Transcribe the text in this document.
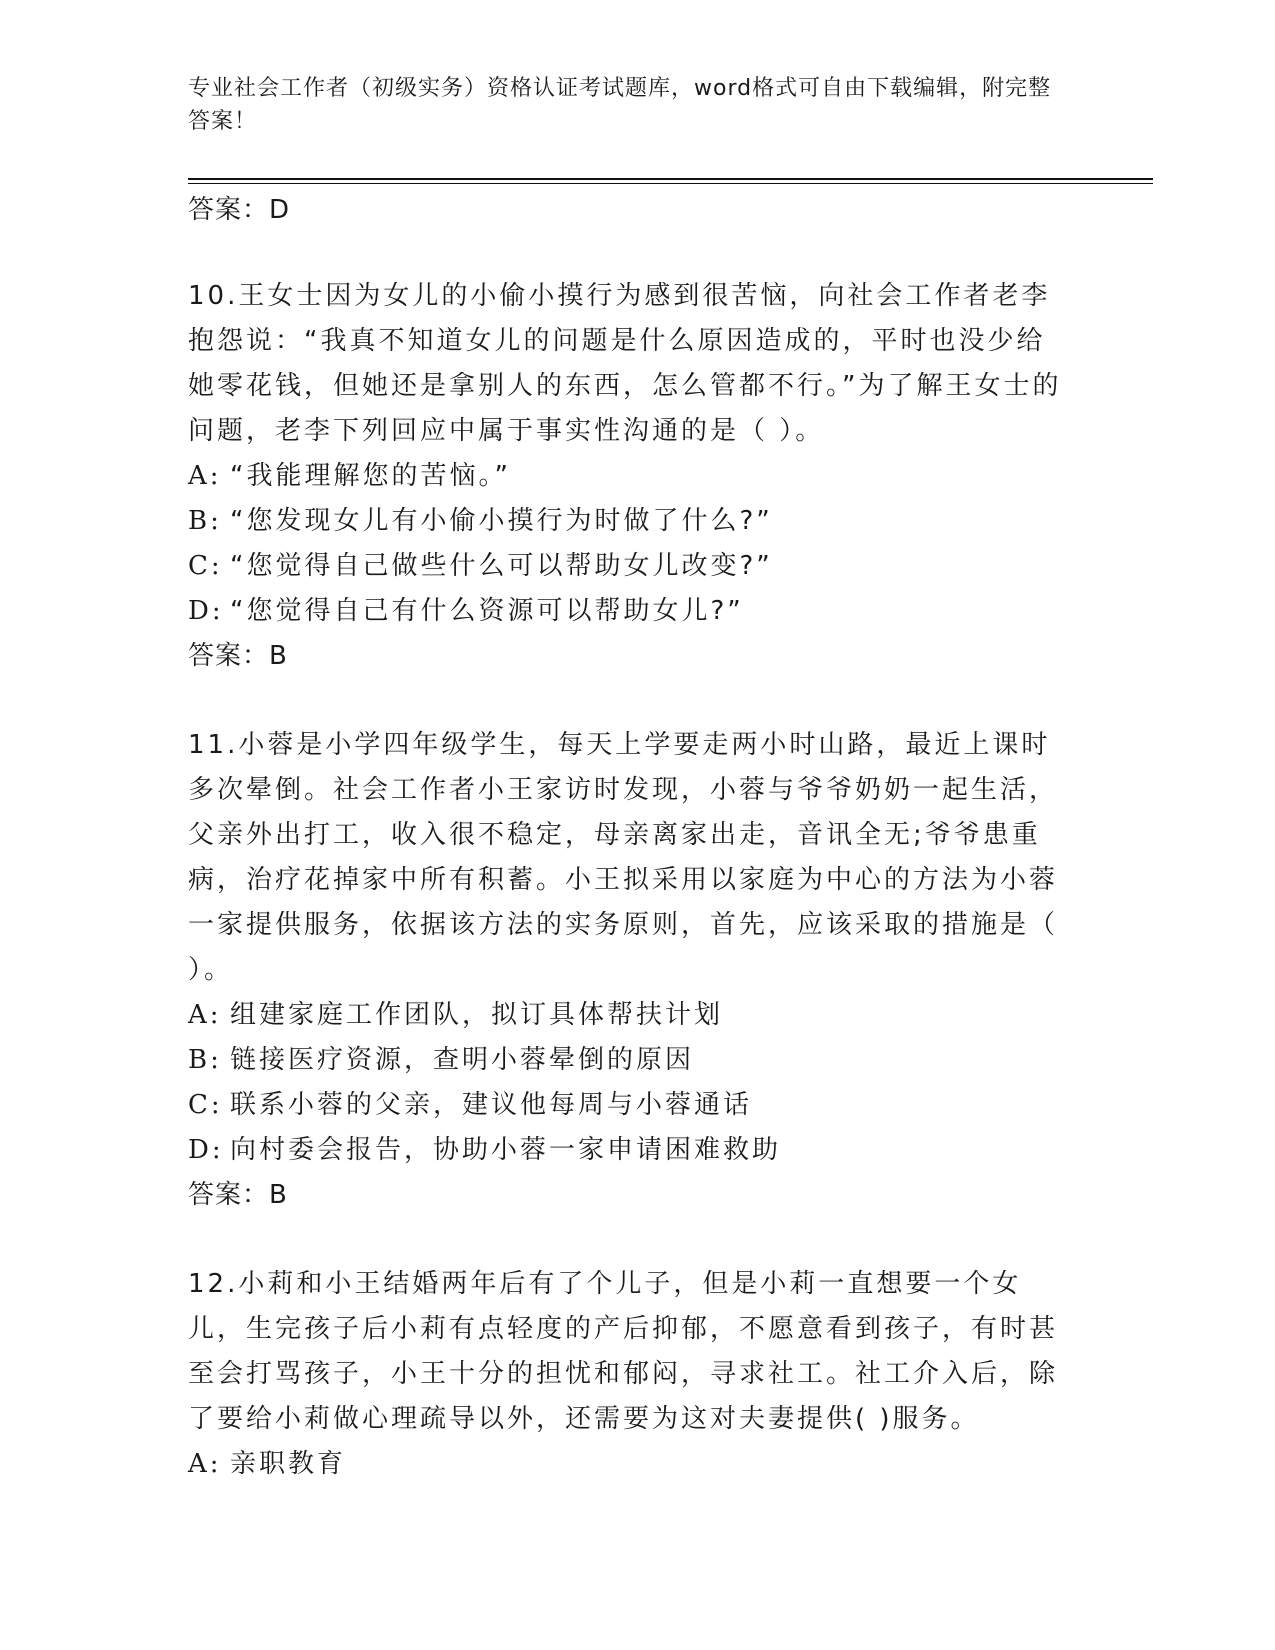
专业社会工作者（初级实务）资格认证考试题库，word格式可自由下载编辑，附完整答案！

答案：D

10.王女士因为女儿的小偷小摸行为感到很苦恼，向社会工作者老李抱怨说：“我真不知道女儿的问题是什么原因造成的，平时也没少给她零花钱，但她还是拿别人的东西，怎么管都不行。”为了解王女士的问题，老李下列回应中属于事实性沟通的是（ ）。

A: “我能理解您的苦恼。”
B: “您发现女儿有小偷小摸行为时做了什么?”
C: “您觉得自己做些什么可以帮助女儿改变?”
D: “您觉得自己有什么资源可以帮助女儿?”

答案：B

11.小蓉是小学四年级学生，每天上学要走两小时山路，最近上课时多次晕倒。社会工作者小王家访时发现，小蓉与爷爷奶奶一起生活，父亲外出打工，收入很不稳定，母亲离家出走，音讯全无;爷爷患重病，治疗花掉家中所有积蓄。小王拟采用以家庭为中心的方法为小蓉一家提供服务，依据该方法的实务原则，首先，应该采取的措施是（ ）。

A: 组建家庭工作团队，拟订具体帮扶计划
B: 链接医疗资源，查明小蓉晕倒的原因
C: 联系小蓉的父亲，建议他每周与小蓉通话
D: 向村委会报告，协助小蓉一家申请困难救助

答案：B

12.小莉和小王结婚两年后有了个儿子，但是小莉一直想要一个女儿，生完孩子后小莉有点轻度的产后抑郁，不愿意看到孩子，有时甚至会打骂孩子，小王十分的担忧和郁闷，寻求社工。社工介入后，除了要给小莉做心理疏导以外，还需要为这对夫妻提供( )服务。

A: 亲职教育
